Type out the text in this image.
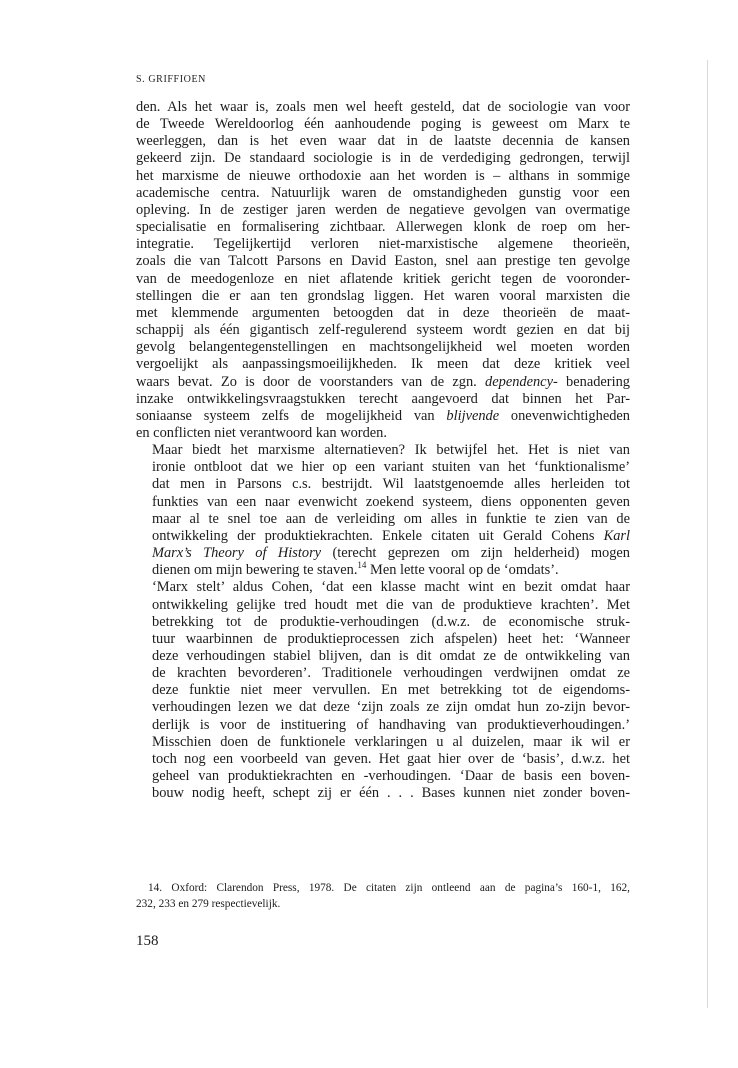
S. GRIFFIOEN

den. Als het waar is, zoals men wel heeft gesteld, dat de sociologie van voor
de Tweede Wereldoorlog één aanhoudende poging is geweest om Marx te
weerleggen, dan is het even waar dat in de laatste decennia de kansen
gekeerd zijn. De standaard sociologie is in de verdediging gedrongen, terwijl
het marxisme de nieuwe orthodoxie aan het worden is – althans in sommige
academische centra. Natuurlijk waren de omstandigheden gunstig voor een
opleving. In de zestiger jaren werden de negatieve gevolgen van overmatige
specialisatie en formalisering zichtbaar. Allerwegen klonk de roep om her-
integratie. Tegelijkertijd verloren niet-marxistische algemene theorieën,
zoals die van Talcott Parsons en David Easton, snel aan prestige ten gevolge
van de meedogenloze en niet aflatende kritiek gericht tegen de vooronder-
stellingen die er aan ten grondslag liggen. Het waren vooral marxisten die
met klemmende argumenten betoogden dat in deze theorieën de maat-
schappij als één gigantisch zelf-regulerend systeem wordt gezien en dat bij
gevolg belangentegenstellingen en machtsongelijkheid wel moeten worden
vergoelijkt als aanpassingsmoeilijkheden. Ik meen dat deze kritiek veel
waars bevat. Zo is door de voorstanders van de zgn. dependency- benadering
inzake ontwikkelingsvraagstukken terecht aangevoerd dat binnen het Par-
soniaanse systeem zelfs de mogelijkheid van blijvende onevenwichtigheden
en conflicten niet verantwoord kan worden.

Maar biedt het marxisme alternatieven? Ik betwijfel het. Het is niet van
ironie ontbloot dat we hier op een variant stuiten van het ‘funktionalisme’
dat men in Parsons c.s. bestrijdt. Wil laatstgenoemde alles herleiden tot
funkties van een naar evenwicht zoekend systeem, diens opponenten geven
maar al te snel toe aan de verleiding om alles in funktie te zien van de
ontwikkeling der produktiekrachten. Enkele citaten uit Gerald Cohens Karl
Marx’s Theory of History (terecht geprezen om zijn helderheid) mogen
dienen om mijn bewering te staven.$^{14}$ Men lette vooral op de ‘omdats’.

‘Marx stelt’ aldus Cohen, ‘dat een klasse macht wint en bezit omdat haar
ontwikkeling gelijke tred houdt met die van de produktieve krachten’. Met
betrekking tot de produktie-verhoudingen (d.w.z. de economische struk-
tuur waarbinnen de produktieprocessen zich afspelen) heet het: ‘Wanneer
deze verhoudingen stabiel blijven, dan is dit omdat ze de ontwikkeling van
de krachten bevorderen’. Traditionele verhoudingen verdwijnen omdat ze
deze funktie niet meer vervullen. En met betrekking tot de eigendoms-
verhoudingen lezen we dat deze ‘zijn zoals ze zijn omdat hun zo-zijn bevor-
derlijk is voor de instituering of handhaving van produktieverhoudingen.’
Misschien doen de funktionele verklaringen u al duizelen, maar ik wil er
toch nog een voorbeeld van geven. Het gaat hier over de ‘basis’, d.w.z. het
geheel van produktiekrachten en -verhoudingen. ‘Daar de basis een boven-
bouw nodig heeft, schept zij er één . . . Bases kunnen niet zonder boven-

14. Oxford: Clarendon Press, 1978. De citaten zijn ontleend aan de pagina’s 160-1, 162,
232, 233 en 279 respectievelijk.
158
